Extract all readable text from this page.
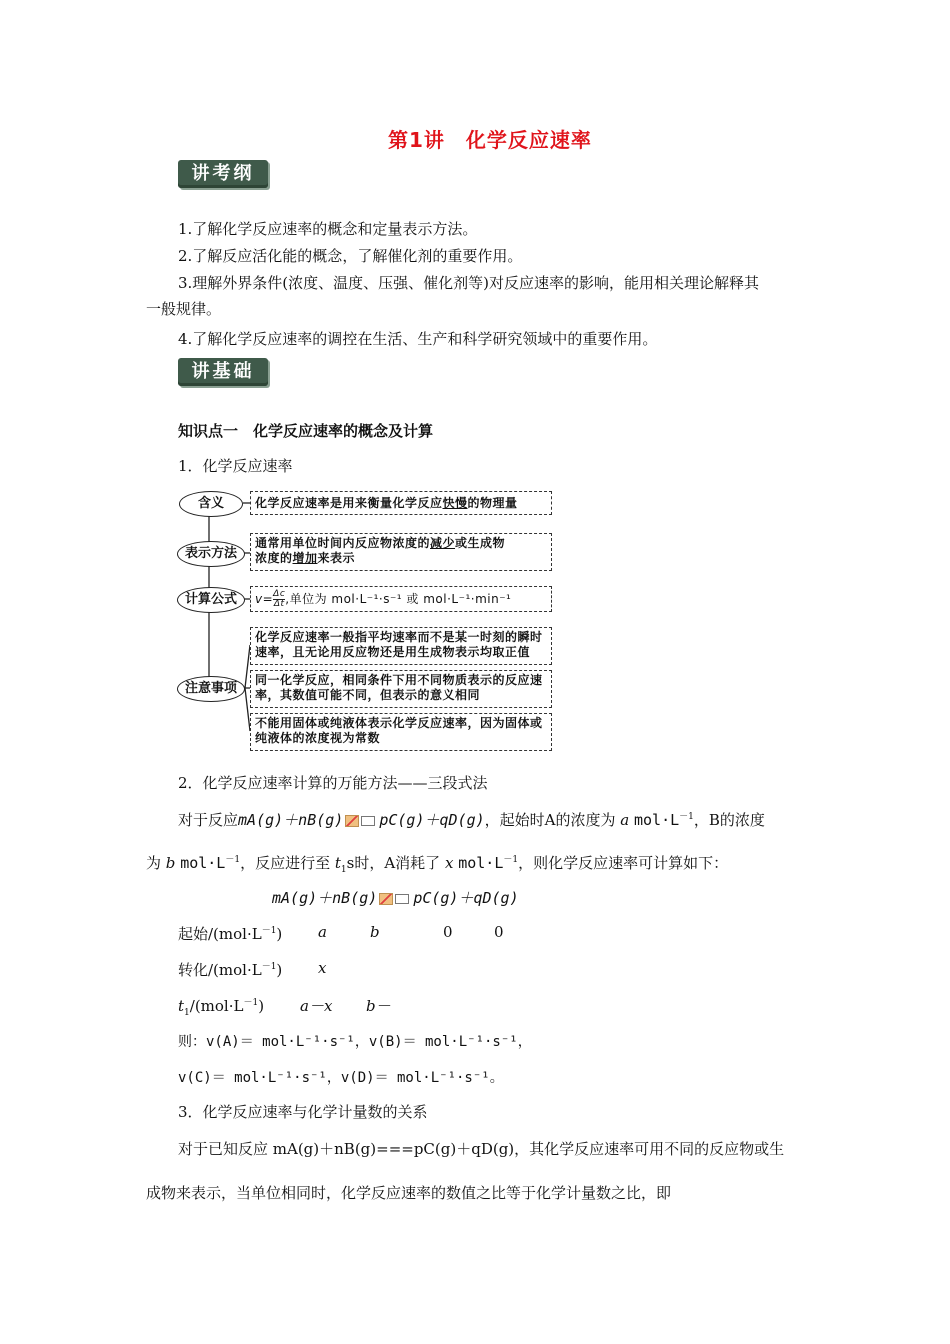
第1讲　化学反应速率
讲考纲
1.了解化学反应速率的概念和定量表示方法。
2.了解反应活化能的概念，了解催化剂的重要作用。
3.理解外界条件(浓度、温度、压强、催化剂等)对反应速率的影响，能用相关理论解释其
一般规律。
4.了解化学反应速率的调控在生活、生产和科学研究领域中的重要作用。
讲基础
知识点一　化学反应速率的概念及计算
1．化学反应速率
含义
表示方法
计算公式
注意事项
化学反应速率是用来衡量化学反应快慢的物理量
通常用单位时间内反应物浓度的减少或生成物
浓度的增加来表示
$v= \frac{\Delta c}{\Delta t}$ ,单位为 mol·L⁻¹·s⁻¹ 或 mol·L⁻¹·min⁻¹
化学反应速率一般指平均速率而不是某一时刻的瞬时速率，且无论用反应物还是用生成物表示均取正值
同一化学反应，相同条件下用不同物质表示的反应速率，其数值可能不同，但表示的意义相同
不能用固体或纯液体表示化学反应速率，因为固体或纯液体的浓度视为常数
2．化学反应速率计算的万能方法——三段式法
对于反应mA(g)＋nB(g) pC(g)＋qD(g)，起始时A的浓度为 a $mol\cdot L^{-1}$，B的浓度
为 b $mol\cdot L^{-1}$，反应进行至 $t_1s$时，A消耗了 x $mol\cdot L^{-1}$，则化学反应速率可计算如下：
mA(g)＋nB(g) pC(g)＋qD(g)
起始$/(mol\cdot L^{-1})$ a	b	0	0
转化$/(mol\cdot L^{-1})$ x
$t_1/(mol\cdot L^{-1})$ a－x b－
则：v(A)＝ mol·L⁻¹·s⁻¹，v(B)＝ mol·L⁻¹·s⁻¹，
v(C)＝ mol·L⁻¹·s⁻¹，v(D)＝ mol·L⁻¹·s⁻¹。
3．化学反应速率与化学计量数的关系
对于已知反应 mA(g)＋nB(g)===pC(g)＋qD(g)，其化学反应速率可用不同的反应物或生
成物来表示，当单位相同时，化学反应速率的数值之比等于化学计量数之比，即
